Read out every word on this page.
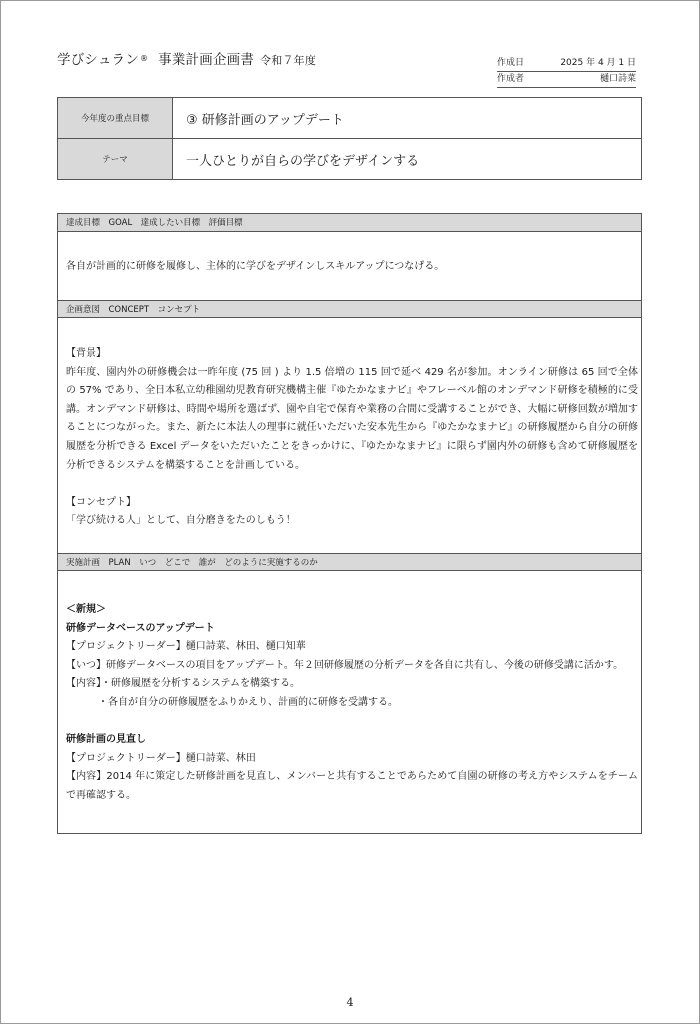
学びシュラン® 事業計画企画書 令和７年度	作成日	2025 年 4 月 1 日
作成者	樋口詩菜
今年度の重点目標	③ 研修計画のアップデート
テーマ	一人ひとりが自らの学びをデザインする
達成目標　GOAL　達成したい目標　評価目標

各自が計画的に研修を履修し、主体的に学びをデザインしスキルアップにつなげる。

企画意図　CONCEPT　コンセプト

【背景】

昨年度、園内外の研修機会は一昨年度 (75 回 ) より 1.5 倍増の 115 回で延べ 429 名が参加。オンライン研修は 65 回で全体の 57% であり、全日本私立幼稚園幼児教育研究機構主催『ゆたかなまナビ』やフレーベル館のオンデマンド研修を積極的に受講。オンデマンド研修は、時間や場所を選ばず、園や自宅で保育や業務の合間に受講することができ、大幅に研修回数が増加することにつながった。また、新たに本法人の理事に就任いただいた安本先生から『ゆたかなまナビ』の研修履歴から自分の研修履歴を分析できる Excel データをいただいたことをきっかけに、『ゆたかなまナビ』に限らず園内外の研修も含めて研修履歴を分析できるシステムを構築することを計画している。

【コンセプト】

「学び続ける人」として、自分磨きをたのしもう！

実施計画　PLAN　いつ　どこで　誰が　どのように実施するのか

＜新規＞

研修データベースのアップデート

【プロジェクトリーダー】樋口詩菜、林田、樋口知華

【いつ】研修データベースの項目をアップデート。年２回研修履歴の分析データを各自に共有し、今後の研修受講に活かす。

【内容】・研修履歴を分析するシステムを構築する。

・各自が自分の研修履歴をふりかえり、計画的に研修を受講する。

研修計画の見直し

【プロジェクトリーダー】樋口詩菜、林田

【内容】2014 年に策定した研修計画を見直し、メンバーと共有することであらためて自園の研修の考え方やシステムをチームで再確認する。

4
